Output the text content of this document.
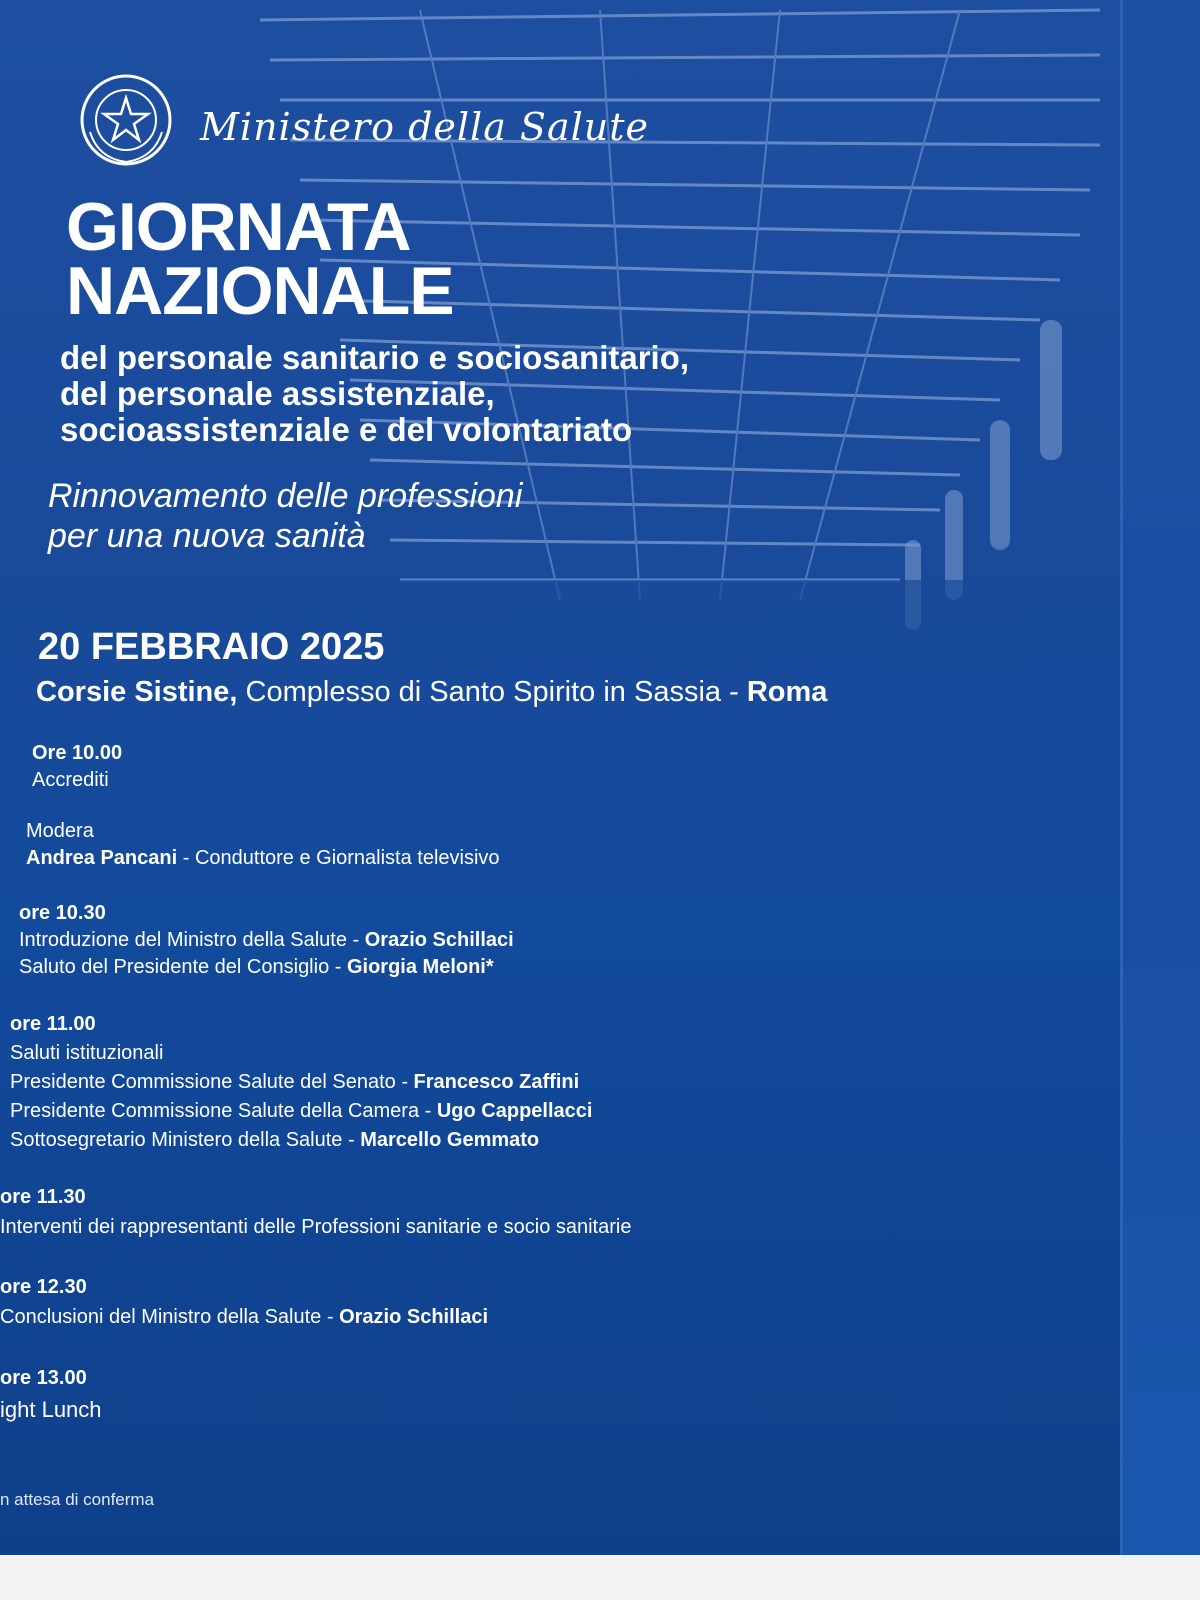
Ministero della Salute
GIORNATA
NAZIONALE
del personale sanitario e sociosanitario,
del personale assistenziale,
socioassistenziale e del volontariato
Rinnovamento delle professioni
per una nuova sanità
20 FEBBRAIO 2025
Corsie Sistine, Complesso di Santo Spirito in Sassia - Roma
Ore 10.00
Accrediti
Modera
Andrea Pancani - Conduttore e Giornalista televisivo
ore 10.30
Introduzione del Ministro della Salute - Orazio Schillaci
Saluto del Presidente del Consiglio - Giorgia Meloni*
ore 11.00
Saluti istituzionali
Presidente Commissione Salute del Senato - Francesco Zaffini
Presidente Commissione Salute della Camera - Ugo Cappellacci
Sottosegretario Ministero della Salute - Marcello Gemmato
ore 11.30
Interventi dei rappresentanti delle Professioni sanitarie e socio sanitarie
ore 12.30
Conclusioni del Ministro della Salute - Orazio Schillaci
ore 13.00
ight Lunch
n attesa di conferma
